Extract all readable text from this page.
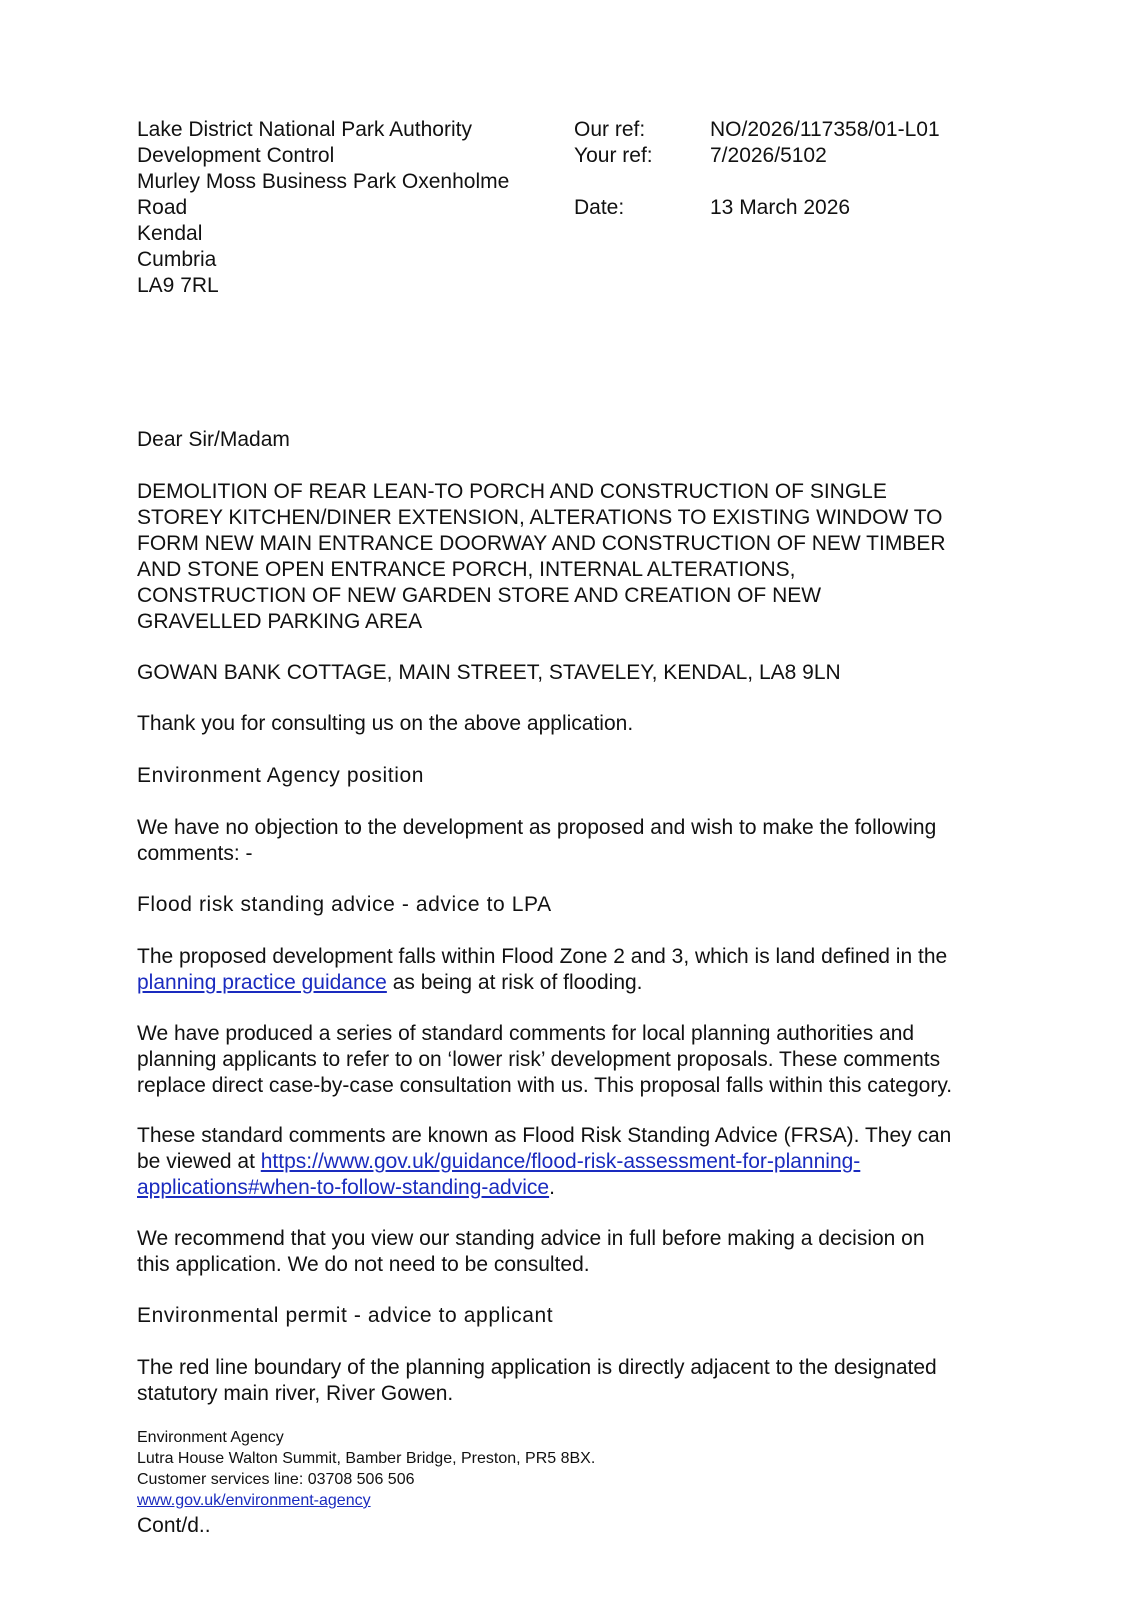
Lake District National Park Authority
Development Control
Murley Moss Business Park Oxenholme
Road
Kendal
Cumbria
LA9 7RL
Our ref:	NO/2026/117358/01-L01
Your ref:	7/2026/5102
Date:	13 March 2026
Dear Sir/Madam
DEMOLITION OF REAR LEAN-TO PORCH AND CONSTRUCTION OF SINGLE
STOREY KITCHEN/DINER EXTENSION, ALTERATIONS TO EXISTING WINDOW TO
FORM NEW MAIN ENTRANCE DOORWAY AND CONSTRUCTION OF NEW TIMBER
AND STONE OPEN ENTRANCE PORCH, INTERNAL ALTERATIONS,
CONSTRUCTION OF NEW GARDEN STORE AND CREATION OF NEW
GRAVELLED PARKING AREA
GOWAN BANK COTTAGE, MAIN STREET, STAVELEY, KENDAL, LA8 9LN
Thank you for consulting us on the above application.
Environment Agency position
We have no objection to the development as proposed and wish to make the following
comments: -
Flood risk standing advice - advice to LPA
The proposed development falls within Flood Zone 2 and 3, which is land defined in the
planning practice guidance as being at risk of flooding.
We have produced a series of standard comments for local planning authorities and
planning applicants to refer to on ‘lower risk’ development proposals. These comments
replace direct case-by-case consultation with us. This proposal falls within this category.
These standard comments are known as Flood Risk Standing Advice (FRSA). They can
be viewed at https://www.gov.uk/guidance/flood-risk-assessment-for-planning-
applications#when-to-follow-standing-advice.
We recommend that you view our standing advice in full before making a decision on
this application. We do not need to be consulted.
Environmental permit - advice to applicant
The red line boundary of the planning application is directly adjacent to the designated
statutory main river, River Gowen.
Environment Agency
Lutra House Walton Summit, Bamber Bridge, Preston, PR5 8BX.
Customer services line: 03708 506 506
www.gov.uk/environment-agency
Cont/d..
